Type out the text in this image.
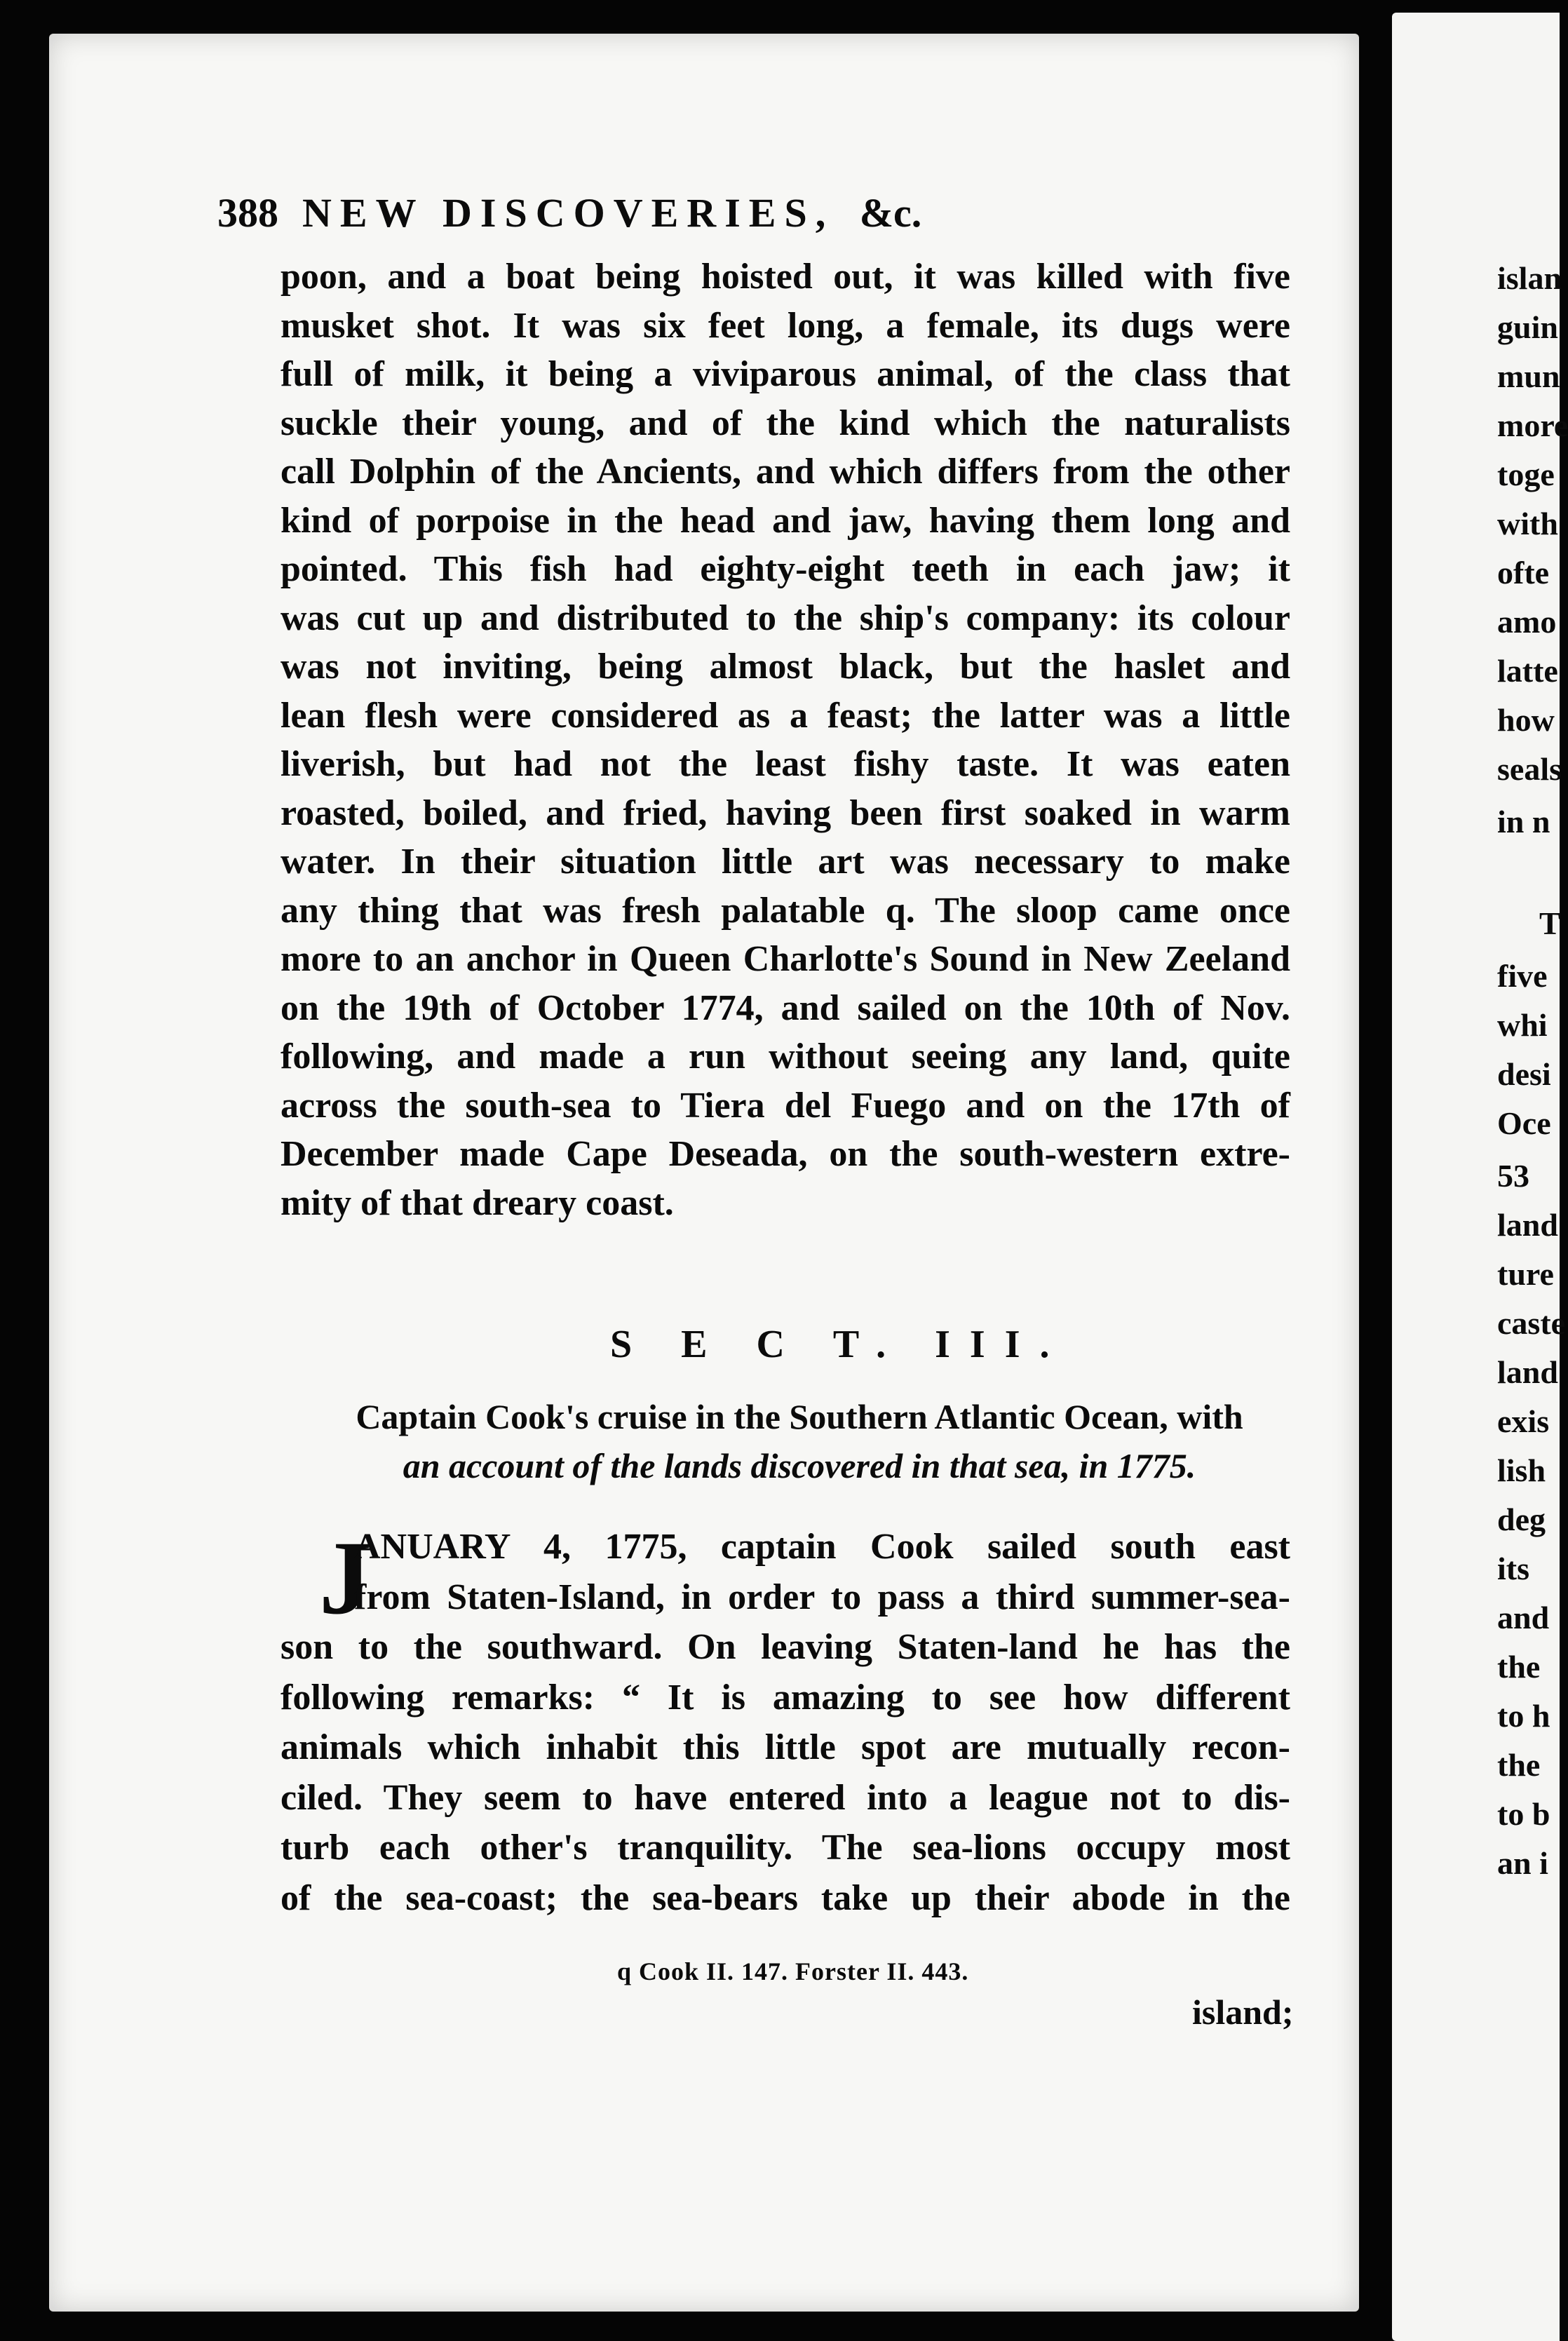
388 NEW DISCOVERIES, &c.
poon, and a boat being hoisted out, it was killed with five
musket shot. It was six feet long, a female, its dugs were
full of milk, it being a viviparous animal, of the class that
suckle their young, and of the kind which the naturalists
call Dolphin of the Ancients, and which differs from the other
kind of porpoise in the head and jaw, having them long and
pointed. This fish had eighty-eight teeth in each jaw; it
was cut up and distributed to the ship's company: its colour
was not inviting, being almost black, but the haslet and
lean flesh were considered as a feast; the latter was a little
liverish, but had not the least fishy taste. It was eaten
roasted, boiled, and fried, having been first soaked in warm
water. In their situation little art was necessary to make
any thing that was fresh palatable q. The sloop came once
more to an anchor in Queen Charlotte's Sound in New Zeeland
on the 19th of October 1774, and sailed on the 10th of Nov.
following, and made a run without seeing any land, quite
across the south-sea to Tiera del Fuego and on the 17th of
December made Cape Deseada, on the south-western extre-
mity of that dreary coast.
S E C T. III.
Captain Cook's cruise in the Southern Atlantic Ocean, with
an account of the lands discovered in that sea, in 1775.
J
ANUARY 4, 1775, captain Cook sailed south east
from Staten-Island, in order to pass a third summer-sea-
son to the southward. On leaving Staten-land he has the
following remarks: “ It is amazing to see how different
animals which inhabit this little spot are mutually recon-
ciled. They seem to have entered into a league not to dis-
turb each other's tranquility. The sea-lions occupy most
of the sea-coast; the sea-bears take up their abode in the
q Cook II. 147. Forster II. 443.
island;
islan
guin
mun
more
toge
with
ofte
amo
latte
how
seals
in n
T
five
whi
desi
Oce
53
land
ture
caste
land
exis
lish
deg
its
and
the
to h
the
to b
an i
